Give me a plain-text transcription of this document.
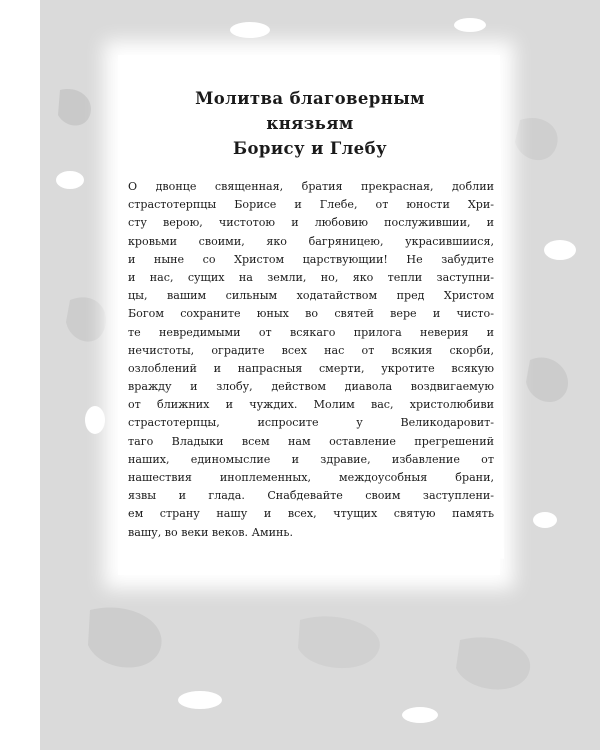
Молитва благоверным
князьям
Борису и Глебу
О двонце священная, братия прекрасная, доблии
страстотерпцы Борисе и Глебе, от юности Хри-
сту верою, чистотою и любовию послужившии, и
кровьми своими, яко багряницею, украсившиися,
и ныне со Христом царствующии! Не забудите
и нас, сущих на земли, но, яко тепли заступни-
цы, вашим сильным ходатайством пред Христом
Богом сохраните юных во святей вере и чисто-
те невредимыми от всякаго прилога неверия и
нечистоты, оградите всех нас от всякия скорби,
озлоблений и напрасныя смерти, укротите всякую
вражду и злобу, действом диавола воздвигаемую
от ближних и чуждих. Молим вас, христолюбиви
страстотерпцы, испросите у Великодаровит-
таго Владыки всем нам оставление прегрешений
наших, единомыслие и здравие, избавление от
нашествия иноплеменных, междоусобныя брани,
язвы и глада. Снабдевайте своим заступлени-
ем страну нашу и всех, чтущих святую память
вашу, во веки веков. Аминь.
